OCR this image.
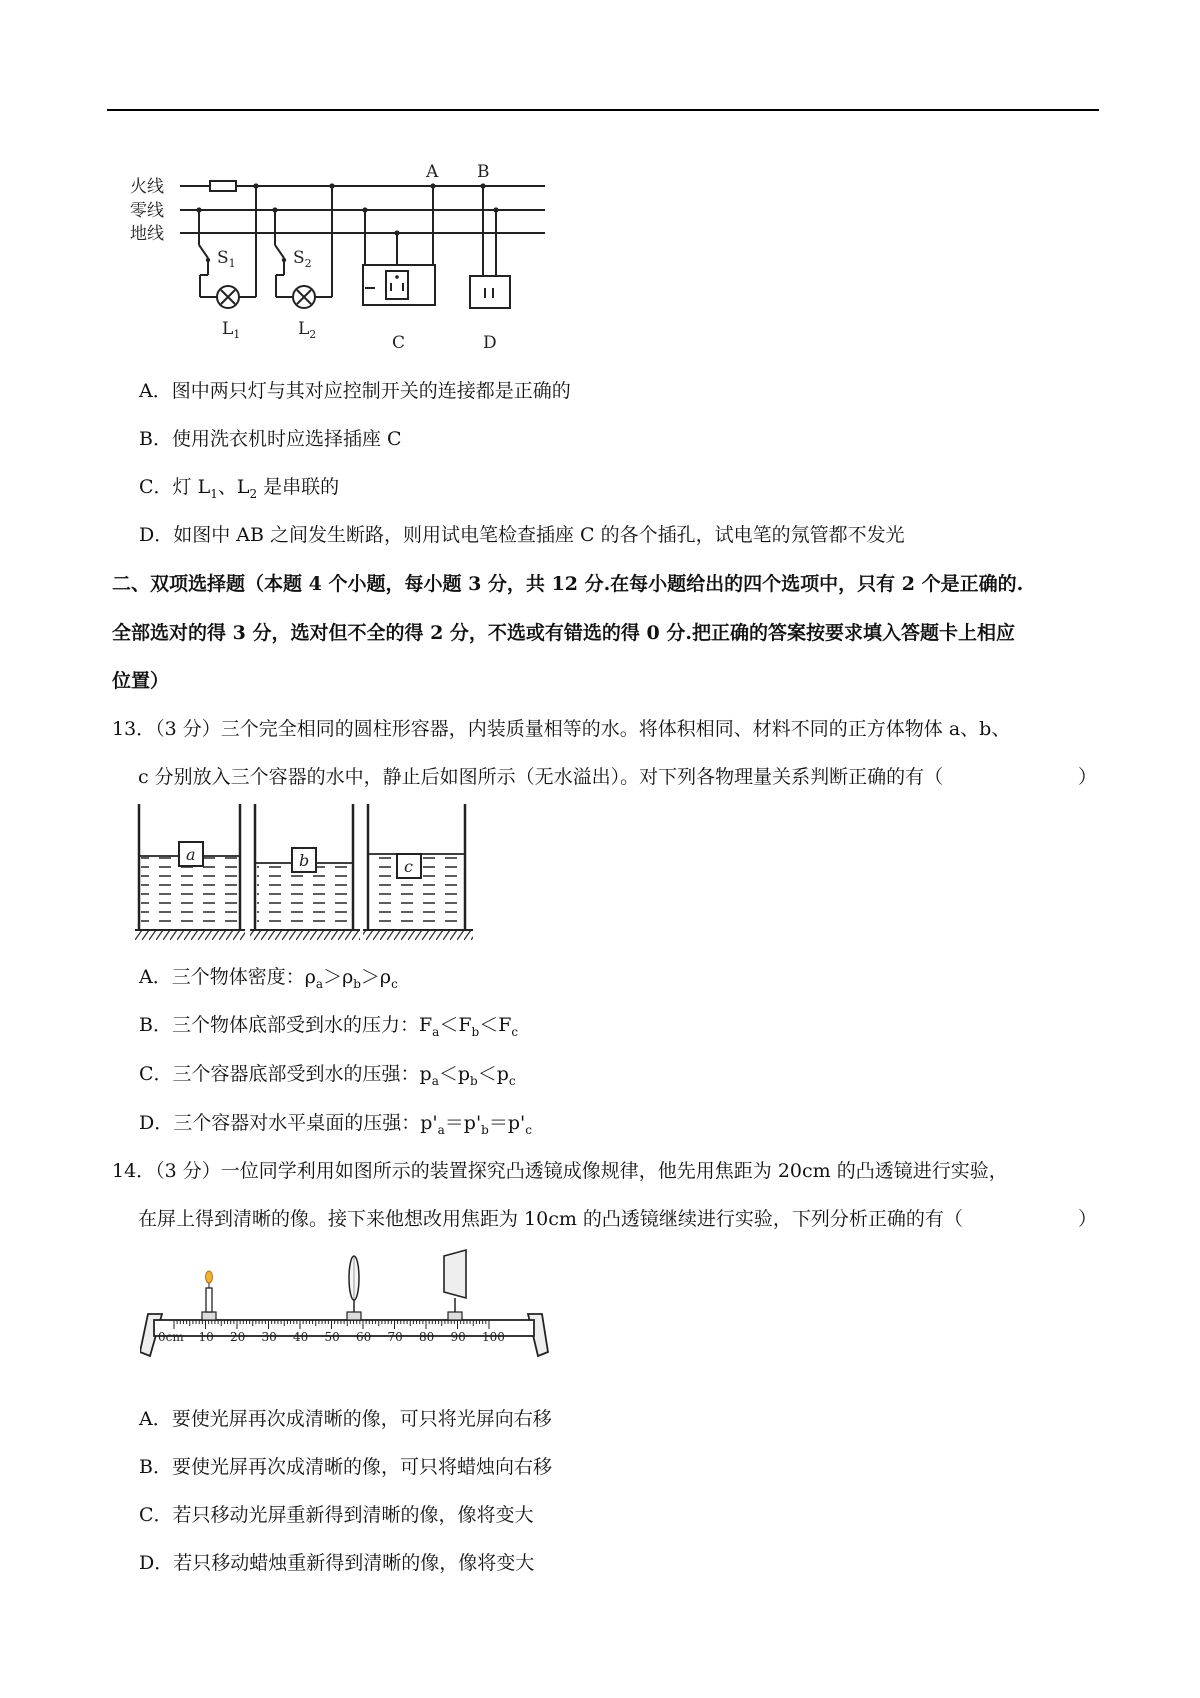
火线
零线
地线
A B
C	D
$S_1$	$S_2$
$L_1$	$L_2$
A．图中两只灯与其对应控制开关的连接都是正确的
B．使用洗衣机时应选择插座 C
C．灯 $L_1$、$L_2$ 是串联的
D．如图中 AB 之间发生断路，则用试电笔检查插座 C 的各个插孔，试电笔的氖管都不发光
二、双项选择题（本题 4 个小题，每小题 3 分，共 12 分.在每小题给出的四个选项中，只有 2 个是正确的.
全部选对的得 3 分，选对但不全的得 2 分，不选或有错选的得 0 分.把正确的答案按要求填入答题卡上相应
位置）
13．（3 分）三个完全相同的圆柱形容器，内装质量相等的水。将体积相同、材料不同的正方体物体 a、b、
c 分别放入三个容器的水中，静止后如图所示（无水溢出）。对下列各物理量关系判断正确的有（	）
a	b	c
A．三个物体密度：$\rho_a>\rho_b>\rho_c$
B．三个物体底部受到水的压力：$F_a<F_b<F_c$
C．三个容器底部受到水的压强：$p_a<p_b<p_c$
D．三个容器对水平桌面的压强：$p'_a=p'_b=p'_c$
14．（3 分）一位同学利用如图所示的装置探究凸透镜成像规律，他先用焦距为 20cm 的凸透镜进行实验，
在屏上得到清晰的像。接下来他想改用焦距为 10cm 的凸透镜继续进行实验，下列分析正确的有（	）
0cm 10 20 30 40 50 60 70 80 90 100
A．要使光屏再次成清晰的像，可只将光屏向右移
B．要使光屏再次成清晰的像，可只将蜡烛向右移
C．若只移动光屏重新得到清晰的像，像将变大
D．若只移动蜡烛重新得到清晰的像，像将变大
